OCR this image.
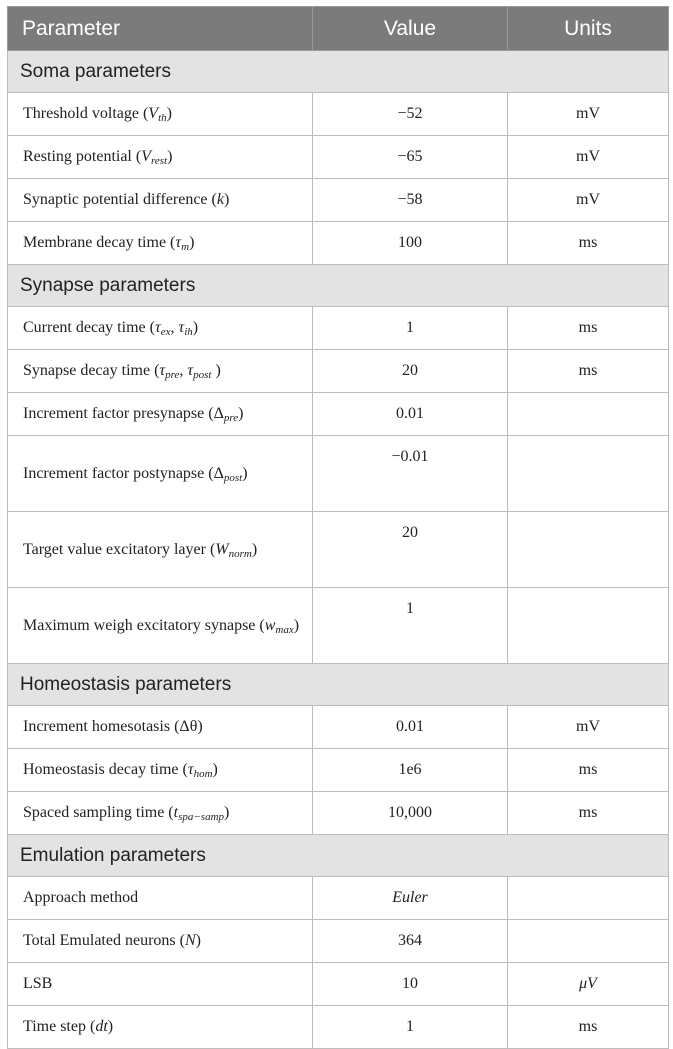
Parameter	Value	Units
Soma parameters		
Threshold voltage $(V_{th})$	−52	mV
Resting potential $(V_{rest})$	−65	mV
Synaptic potential difference (k)	−58	mV
Membrane decay time $(\tau_m)$	100	ms
Synapse parameters		
Current decay time ($\tau_{ex}$, $\tau_{ih}$)	1	ms
Synapse decay time ($\tau_{pre}$, $\tau_{post}$ )	20	ms
Increment factor presynapse $(\Delta_{pre})$	0.01	
Increment factor postynapse $(\Delta_{post})$	−0.01	
Target value excitatory layer $(W_{norm})$	20	
Maximum weigh excitatory synapse $(w_{max})$	1	
Homeostasis parameters		
Increment homesotasis (Δθ)	0.01	mV
Homeostasis decay time $(\tau_{hom})$	1e6	ms
Spaced sampling time $(t_{spa-samp})$	10,000	ms
Emulation parameters		
Approach method	Euler	
Total Emulated neurons (N)	364	
LSB	10	μV
Time step (dt)	1	ms
